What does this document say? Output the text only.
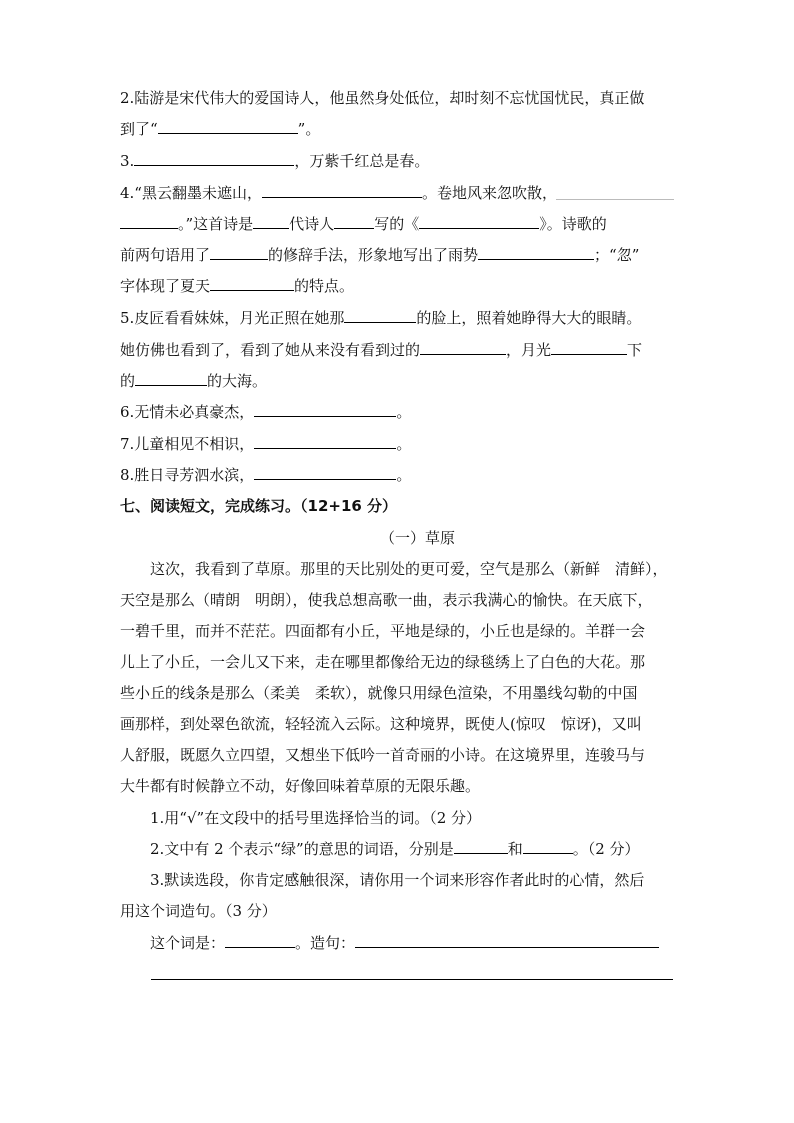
2.陆游是宋代伟大的爱国诗人，他虽然身处低位，却时刻不忘忧国忧民，真正做
到了“	”。
3.	，万紫千红总是春。
4.“黑云翻墨未遮山，	。卷地风来忽吹散，
。”这首诗是 代诗人	写的《	》。诗歌的
前两句语用了	的修辞手法，形象地写出了雨势	；“忽”
字体现了夏天	的特点。
5.皮匠看看妹妹，月光正照在她那	的脸上，照着她睁得大大的眼睛。
她仿佛也看到了，看到了她从来没有看到过的	，月光	下
的	的大海。
6.无情未必真豪杰，	。
7.儿童相见不相识，	。
8.胜日寻芳泗水滨，	。
七、阅读短文，完成练习。（12+16 分）
（一）草原
这次，我看到了草原。那里的天比别处的更可爱，空气是那么（新鲜　清鲜），
天空是那么（晴朗　明朗），使我总想高歌一曲，表示我满心的愉快。在天底下，
一碧千里，而并不茫茫。四面都有小丘，平地是绿的，小丘也是绿的。羊群一会
儿上了小丘，一会儿又下来，走在哪里都像给无边的绿毯绣上了白色的大花。那
些小丘的线条是那么（柔美　柔软），就像只用绿色渲染，不用墨线勾勒的中国
画那样，到处翠色欲流，轻轻流入云际。这种境界，既使人(惊叹　惊讶)，又叫
人舒服，既愿久立四望，又想坐下低吟一首奇丽的小诗。在这境界里，连骏马与
大牛都有时候静立不动，好像回味着草原的无限乐趣。
1.用“√”在文段中的括号里选择恰当的词。（2 分）
2.文中有 2 个表示“绿”的意思的词语，分别是	和	。（2 分）
3.默读选段，你肯定感触很深，请你用一个词来形容作者此时的心情，然后
用这个词造句。（3 分）
这个词是：	。造句：
